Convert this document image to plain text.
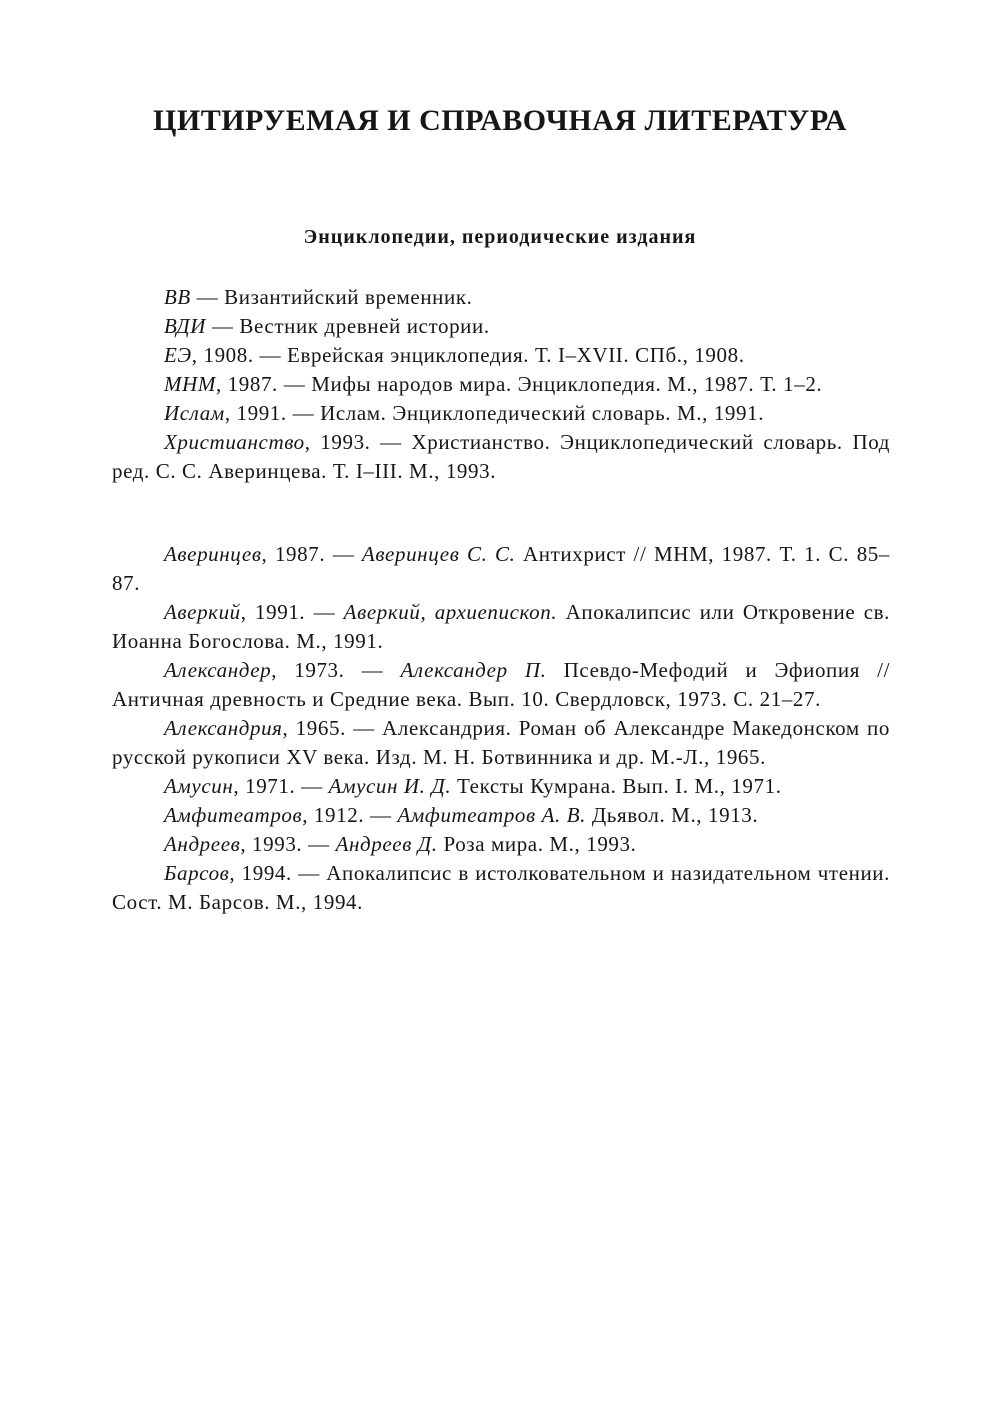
ЦИТИРУЕМАЯ И СПРАВОЧНАЯ ЛИТЕРАТУРА
Энциклопедии, периодические издания

ВВ — Византийский временник.

ВДИ — Вестник древней истории.

ЕЭ, 1908. — Еврейская энциклопедия. Т. I–XVII. СПб., 1908.

МНМ, 1987. — Мифы народов мира. Энциклопедия. М., 1987. Т. 1–2.

Ислам, 1991. — Ислам. Энциклопедический словарь. М., 1991.

Христианство, 1993. — Христианство. Энциклопедический словарь. Под ред. С. С. Аверинцева. Т. I–III. М., 1993.

Аверинцев, 1987. — Аверинцев С. С. Антихрист // МНМ, 1987. Т. 1. С. 85–87.

Аверкий, 1991. — Аверкий, архиепископ. Апокалипсис или Откровение св. Иоанна Богослова. М., 1991.

Александер, 1973. — Александер П. Псевдо-Мефодий и Эфиопия // Античная древность и Средние века. Вып. 10. Свердловск, 1973. С. 21–27.

Александрия, 1965. — Александрия. Роман об Александре Македонском по русской рукописи XV века. Изд. М. Н. Ботвинника и др. М.-Л., 1965.

Амусин, 1971. — Амусин И. Д. Тексты Кумрана. Вып. I. М., 1971.

Амфитеатров, 1912. — Амфитеатров А. В. Дьявол. М., 1913.

Андреев, 1993. — Андреев Д. Роза мира. М., 1993.

Барсов, 1994. — Апокалипсис в истолковательном и назидательном чтении. Сост. М. Барсов. М., 1994.
